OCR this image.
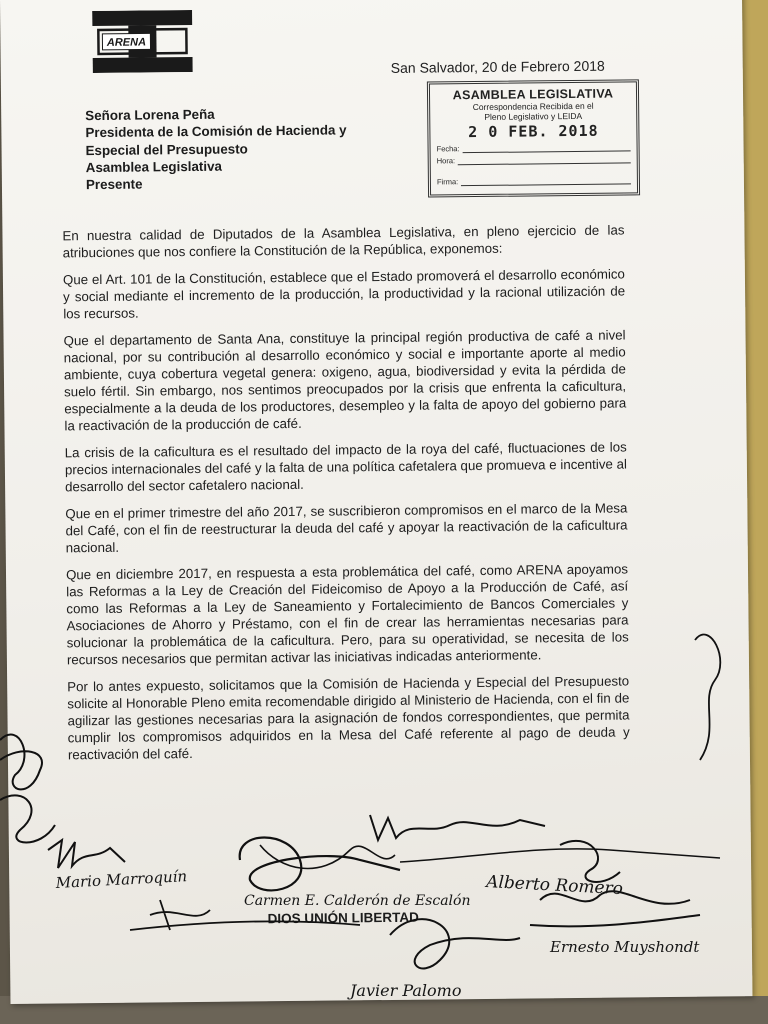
ARENA
San Salvador, 20 de Febrero 2018
ASAMBLEA LEGISLATIVA
Correspondencia Recibida en el
Pleno Legislativo y LEIDA
2 0 FEB. 2018
Fecha:
Hora:
Firma:
Señora Lorena Peña
Presidenta de la Comisión de Hacienda y
Especial del Presupuesto
Asamblea Legislativa
Presente

En nuestra calidad de Diputados de la Asamblea Legislativa, en pleno ejercicio de las atribuciones que nos confiere la Constitución de la República, exponemos:

Que el Art. 101 de la Constitución, establece que el Estado promoverá el desarrollo económico y social mediante el incremento de la producción, la productividad y la racional utilización de los recursos.

Que el departamento de Santa Ana, constituye la principal región productiva de café a nivel nacional, por su contribución al desarrollo económico y social e importante aporte al medio ambiente, cuya cobertura vegetal genera: oxigeno, agua, biodiversidad y evita la pérdida de suelo fértil. Sin embargo, nos sentimos preocupados por la crisis que enfrenta la caficultura, especialmente a la deuda de los productores, desempleo y la falta de apoyo del gobierno para la reactivación de la producción de café.

La crisis de la caficultura es el resultado del impacto de la roya del café, fluctuaciones de los precios internacionales del café y la falta de una política cafetalera que promueva e incentive al desarrollo del sector cafetalero nacional.

Que en el primer trimestre del año 2017, se suscribieron compromisos en el marco de la Mesa del Café, con el fin de reestructurar la deuda del café y apoyar la reactivación de la caficultura nacional.

Que en diciembre 2017, en respuesta a esta problemática del café, como ARENA apoyamos las Reformas a la Ley de Creación del Fideicomiso de Apoyo a la Producción de Café, así como las Reformas a la Ley de Saneamiento y Fortalecimiento de Bancos Comerciales y Asociaciones de Ahorro y Préstamo, con el fin de crear las herramientas necesarias para solucionar la problemática de la caficultura. Pero, para su operatividad, se necesita de los recursos necesarios que permitan activar las iniciativas indicadas anteriormente.

Por lo antes expuesto, solicitamos que la Comisión de Hacienda y Especial del Presupuesto solicite al Honorable Pleno emita recomendable dirigido al Ministerio de Hacienda, con el fin de agilizar las gestiones necesarias para la asignación de fondos correspondientes, que permita cumplir los compromisos adquiridos en la Mesa del Café referente al pago de deuda y reactivación del café.

DIOS UNIÓN LIBERTAD
Mario Marroquín
Carmen E. Calderón de Escalón
Alberto Romero
Ernesto Muyshondt
Javier Palomo
